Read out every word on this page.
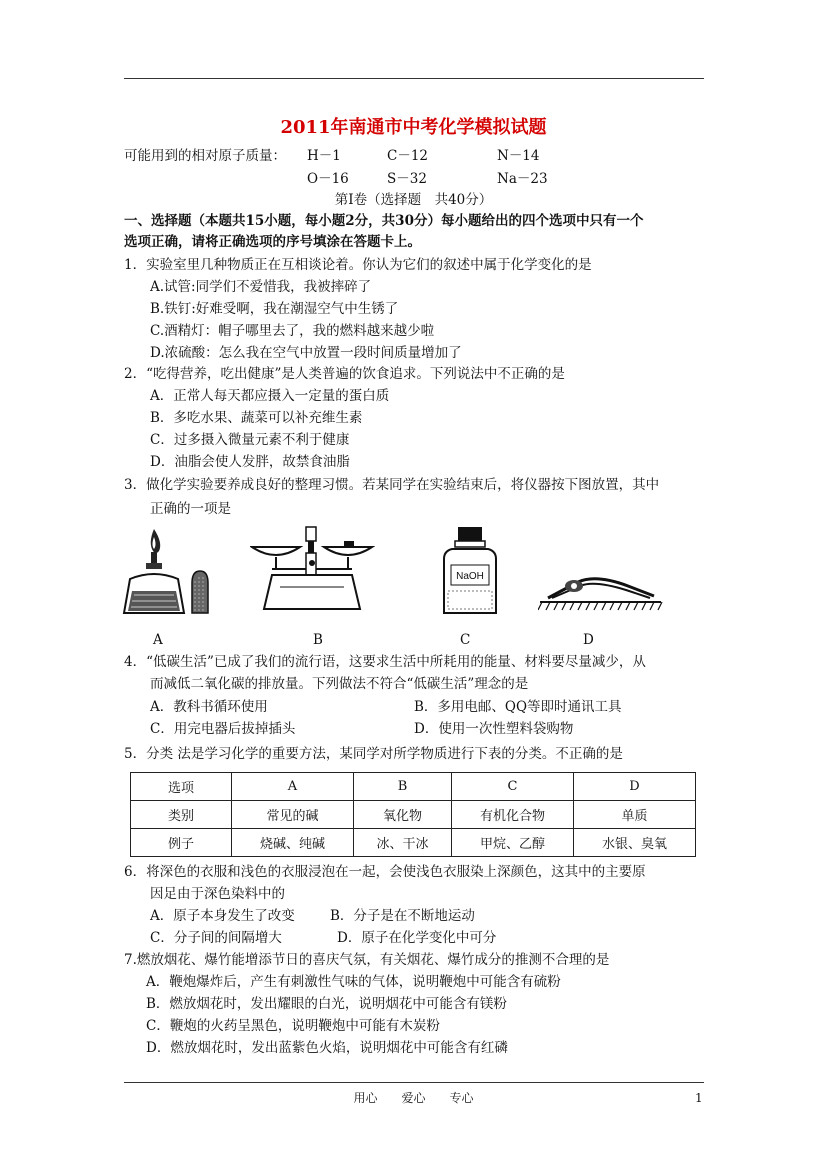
2011年南通市中考化学模拟试题
可能用到的相对原子质量： H－1	C－12	N－14
O－16	S－32	Na－23
第Ⅰ卷（选择题　共40分）
一、选择题（本题共15小题，每小题2分，共30分）每小题给出的四个选项中只有一个
选项正确，请将正确选项的序号填涂在答题卡上。
1．实验室里几种物质正在互相谈论着。你认为它们的叙述中属于化学变化的是
A.试管:同学们不爱惜我，我被摔碎了
B.铁钉:好难受啊，我在潮湿空气中生锈了
C.酒精灯：帽子哪里去了，我的燃料越来越少啦
D.浓硫酸：怎么我在空气中放置一段时间质量增加了
2．“吃得营养，吃出健康”是人类普遍的饮食追求。下列说法中不正确的是
A．正常人每天都应摄入一定量的蛋白质
B．多吃水果、蔬菜可以补充维生素
C．过多摄入微量元素不利于健康
D．油脂会使人发胖，故禁食油脂
3．做化学实验要养成良好的整理习惯。若某同学在实验结束后，将仪器按下图放置，其中
正确的一项是
NaOH
A	B	C	D
4．“低碳生活”已成了我们的流行语，这要求生活中所耗用的能量、材料要尽量减少，从
而减低二氧化碳的排放量。下列做法不符合“低碳生活”理念的是
A．教科书循环使用	B．多用电邮、QQ等即时通讯工具
C．用完电器后拔掉插头	D．使用一次性塑料袋购物
5．分类 法是学习化学的重要方法，某同学对所学物质进行下表的分类。不正确的是
选项	A	B	C	D
类别	常见的碱	氧化物	有机化合物	单质
例子	烧碱、纯碱	冰、干冰	甲烷、乙醇	水银、臭氧
6．将深色的衣服和浅色的衣服浸泡在一起，会使浅色衣服染上深颜色，这其中的主要原
因足由于深色染料中的
A．原子本身发生了改变	B．分子是在不断地运动
C．分子间的间隔增大	D．原子在化学变化中可分
7.燃放烟花、爆竹能增添节日的喜庆气氛，有关烟花、爆竹成分的推测不合理的是
A．鞭炮爆炸后，产生有刺激性气味的气体，说明鞭炮中可能含有硫粉
B．燃放烟花时，发出耀眼的白光，说明烟花中可能含有镁粉
C．鞭炮的火药呈黑色，说明鞭炮中可能有木炭粉
D．燃放烟花时，发出蓝紫色火焰，说明烟花中可能含有红磷
用心　　爱心　　专心	1
